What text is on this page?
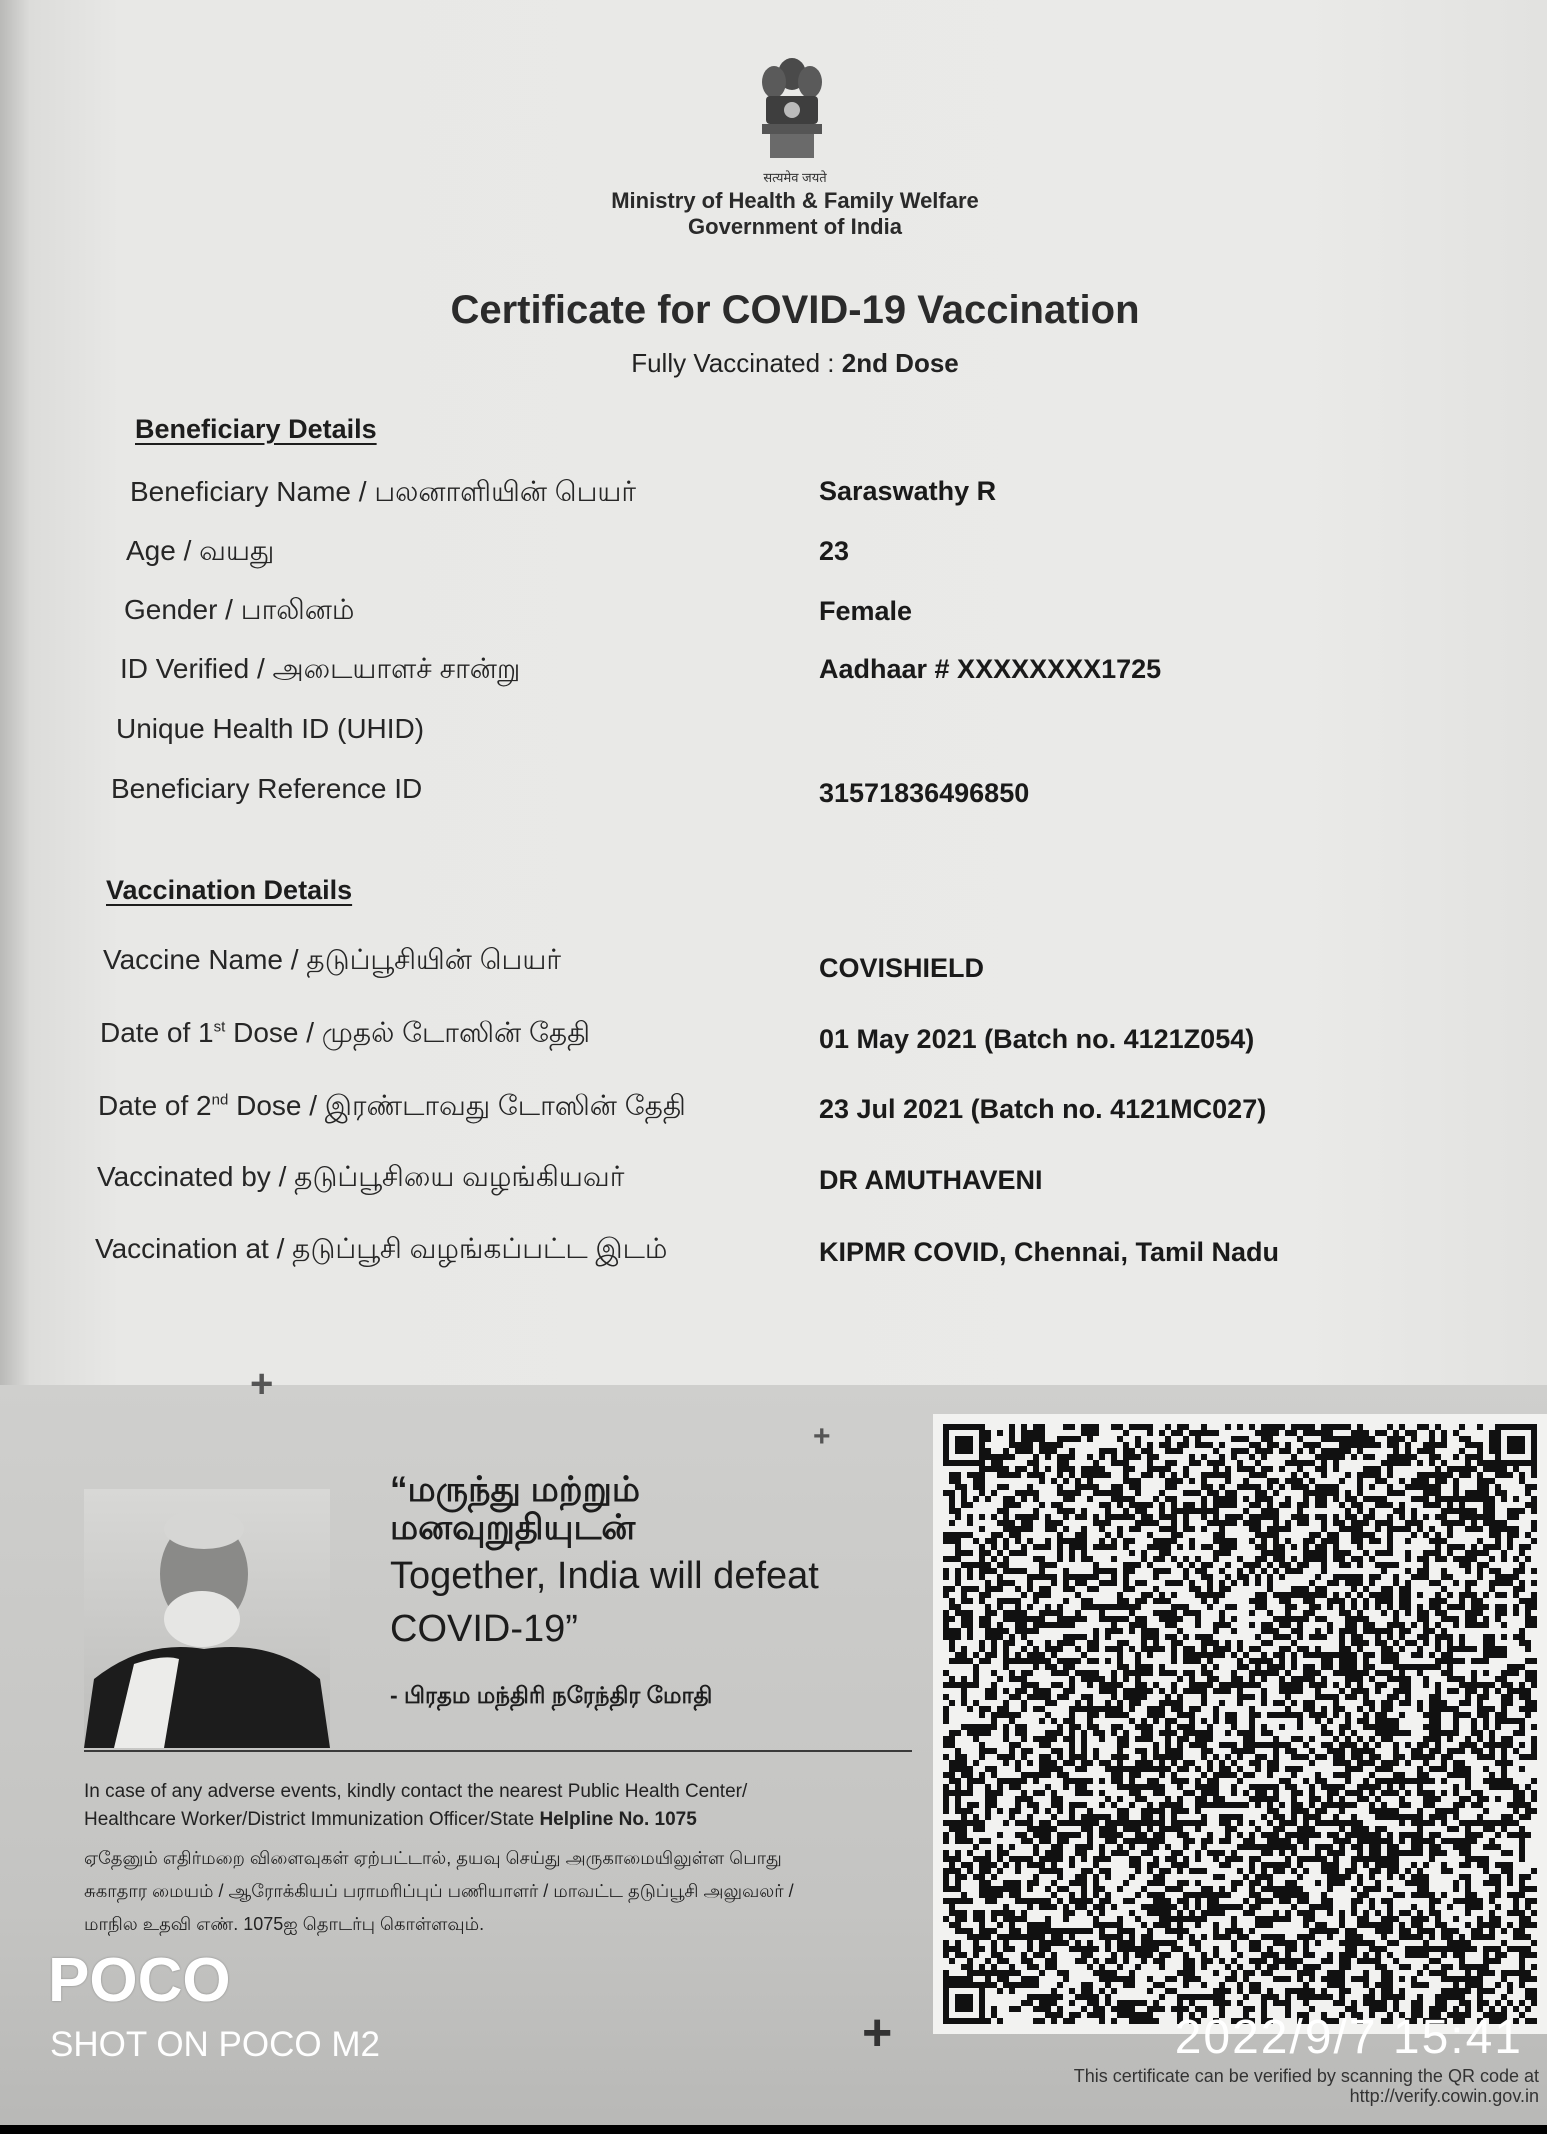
सत्यमेव जयते
Ministry of Health & Family Welfare
Government of India
Certificate for COVID-19 Vaccination
Fully Vaccinated : 2nd Dose
Beneficiary Details
Beneficiary Name / பலனாளியின் பெயர்	Saraswathy R
Age / வயது	23
Gender / பாலினம்	Female
ID Verified / அடையாளச் சான்று	Aadhaar # XXXXXXXX1725
Unique Health ID (UHID)
Beneficiary Reference ID	31571836496850
Vaccination Details
Vaccine Name / தடுப்பூசியின் பெயர்	COVISHIELD
Date of 1st Dose / முதல் டோஸின் தேதி	01 May 2021 (Batch no. 4121Z054)
Date of 2nd Dose / இரண்டாவது டோஸின் தேதி	23 Jul 2021 (Batch no. 4121MC027)
Vaccinated by / தடுப்பூசியை வழங்கியவர்	DR AMUTHAVENI
Vaccination at / தடுப்பூசி வழங்கப்பட்ட இடம்	KIPMR COVID, Chennai, Tamil Nadu
+
+
“மருந்து மற்றும்
மனவுறுதியுடன்
Together, India will defeat
COVID-19”
- பிரதம மந்திரி நரேந்திர மோதி
In case of any adverse events, kindly contact the nearest Public Health Center/
Healthcare Worker/District Immunization Officer/State Helpline No. 1075
ஏதேனும் எதிர்மறை விளைவுகள் ஏற்பட்டால், தயவு செய்து அருகாமையிலுள்ள பொது
சுகாதார மையம் / ஆரோக்கியப் பராமரிப்புப் பணியாளர் / மாவட்ட தடுப்பூசி அலுவலர் /
மாநில உதவி எண். 1075ஐ தொடர்பு கொள்ளவும்.
+
This certificate can be verified by scanning the QR code at
http://verify.cowin.gov.in
POCO
SHOT ON POCO M2	2022/9/7 15:41
